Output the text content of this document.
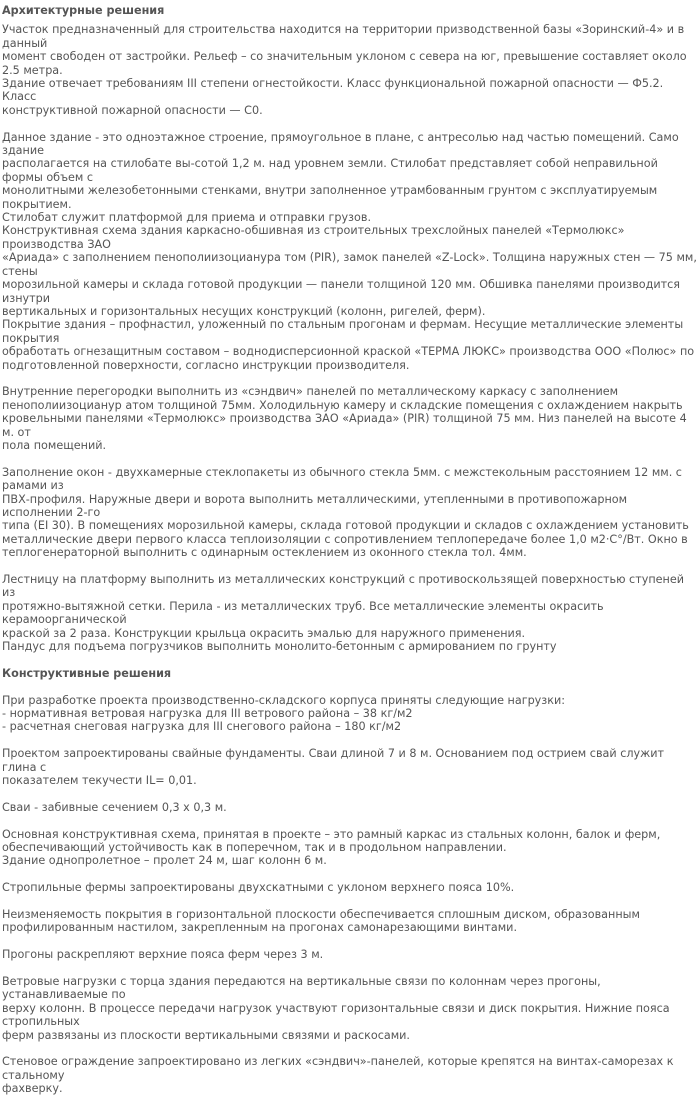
Архитектурные решения

Участок предназначенный для строительства находится на территории призводственной базы «Зоринский-4» и в данный
момент свободен от застройки. Рельеф – со значительным уклоном с севера на юг, превышение составляет около 2.5 метра.
Здание отвечает требованиям III степени огнестойкости. Класс функциональной пожарной опасности — Ф5.2. Класс
конструктивной пожарной опасности — С0.

Данное здание - это одноэтажное строение, прямоугольное в плане, с антресолью над частью помещений. Само здание
располагается на стилобате вы-сотой 1,2 м. над уровнем земли. Стилобат представляет собой неправильной формы объем с
монолитными железобетонными стенками, внутри заполненное утрамбованным грунтом с эксплуатируемым покрытием.
Стилобат служит платформой для приема и отправки грузов.
Конструктивная схема здания каркасно-обшивная из строительных трехслойных панелей «Термолюкс» производства ЗАО
«Ариада» с заполнением пенополиизоцианура том (PIR), замок панелей «Z-Lock». Толщина наружных стен — 75 мм, стены
морозильной камеры и склада готовой продукции — панели толщиной 120 мм. Обшивка панелями производится изнутри
вертикальных и горизонтальных несущих конструкций (колонн, ригелей, ферм).
Покрытие здания – профнастил, уложенный по стальным прогонам и фермам. Несущие металлические элементы покрытия
обработать огнезащитным составом – воднодисперсионной краской «ТЕРМА ЛЮКС» производства ООО «Полюс» по
подготовленной поверхности, согласно инструкции производителя.

Внутренние перегородки выполнить из «сэндвич» панелей по металлическому каркасу с заполнением
пенополиизоцианур атом толщиной 75мм. Холодильную камеру и складские помещения с охлаждением накрыть
кровельными панелями «Термолюкс» производства ЗАО «Ариада» (PIR) толщиной 75 мм. Низ панелей на высоте 4 м. от
пола помещений.

Заполнение окон - двухкамерные стеклопакеты из обычного стекла 5мм. с межстекольным расстоянием 12 мм. с рамами из
ПВХ-профиля. Наружные двери и ворота выполнить металлическими, утепленными в противопожарном исполнении 2-го
типа (EI 30). В помещениях морозильной камеры, склада готовой продукции и складов с охлаждением установить
металлические двери первого класса теплоизоляции с сопротивлением теплопередаче более 1,0 м2·С°/Вт. Окно в
теплогенераторной выполнить с одинарным остеклением из оконного стекла тол. 4мм.

Лестницу на платформу выполнить из металлических конструкций с противоскользящей поверхностью ступеней из
протяжно-вытяжной сетки. Перила - из металлических труб. Все металлические элементы окрасить керамоорганической
краской за 2 раза. Конструкции крыльца окрасить эмалью для наружного применения.
Пандус для подъема погрузчиков выполнить монолито-бетонным с армированием по грунту

Конструктивные решения

При разработке проекта производственно-складского корпуса приняты следующие нагрузки:
- нормативная ветровая нагрузка для III ветрового района – 38 кг/м2
- расчетная снеговая нагрузка для III снегового района – 180 кг/м2

Проектом запроектированы свайные фундаменты. Сваи длиной 7 и 8 м. Основанием под острием свай служит глина с
показателем текучести IL= 0,01.

Сваи - забивные сечением 0,3 х 0,3 м.

Основная конструктивная схема, принятая в проекте – это рамный каркас из стальных колонн, балок и ферм,
обеспечивающий устойчивость как в поперечном, так и в продольном направлении.
Здание однопролетное – пролет 24 м, шаг колонн 6 м.

Стропильные фермы запроектированы двухскатными с уклоном верхнего пояса 10%.

Неизменяемость покрытия в горизонтальной плоскости обеспечивается сплошным диском, образованным
профилированным настилом, закрепленным на прогонах самонарезающими винтами.

Прогоны раскрепляют верхние пояса ферм через 3 м.

Ветровые нагрузки с торца здания передаются на вертикальные связи по колоннам через прогоны, устанавливаемые по
верху колонн. В процессе передачи нагрузок участвуют горизонтальные связи и диск покрытия. Нижние пояса стропильных
ферм развязаны из плоскости вертикальными связями и раскосами.

Стеновое ограждение запроектировано из легких «сэндвич»-панелей, которые крепятся на винтах-саморезах к стальному
фахверку.
